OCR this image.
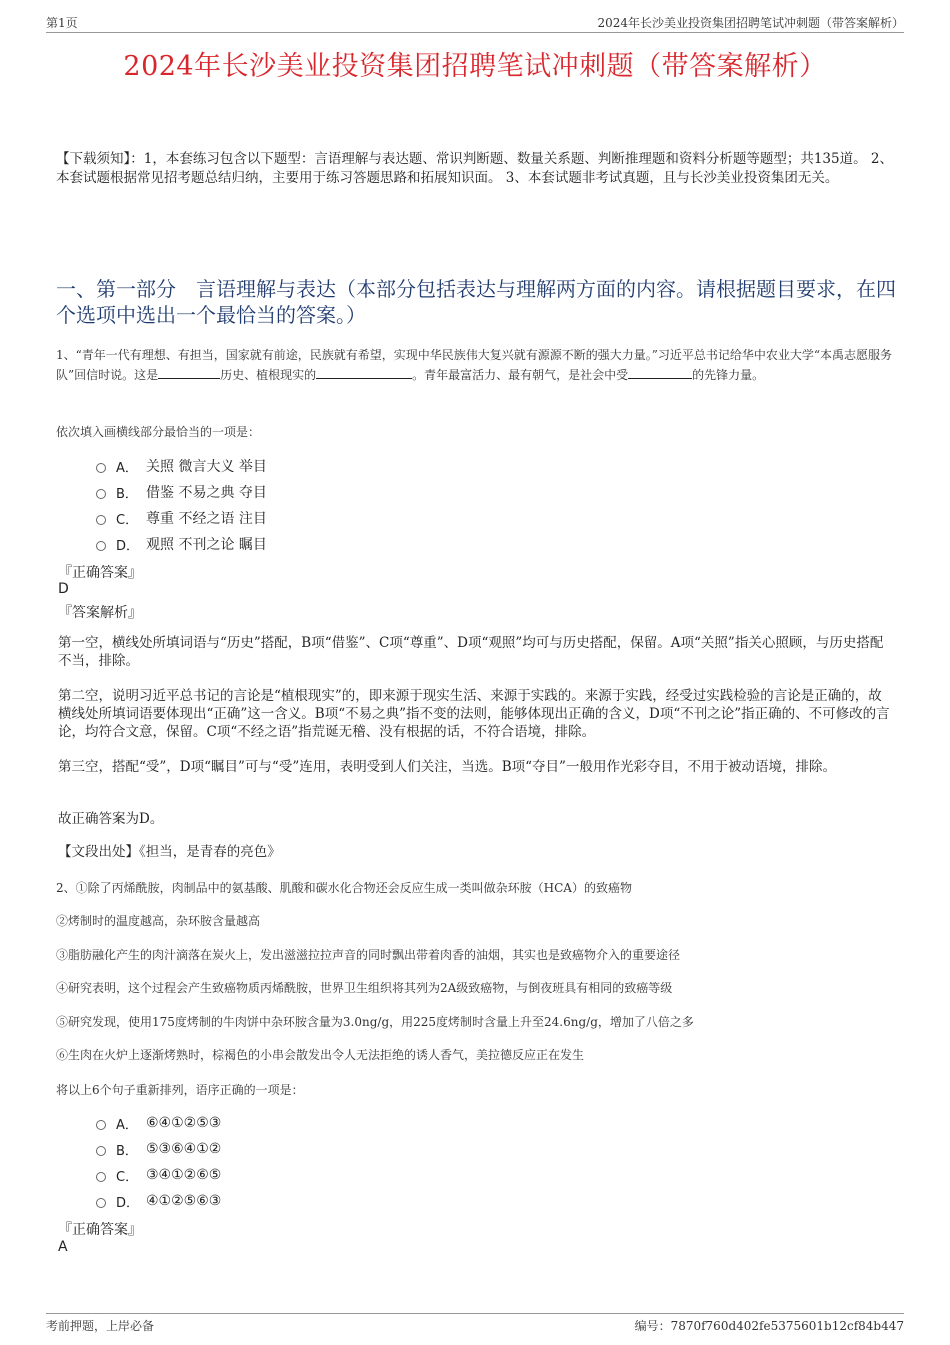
第1页	2024年长沙美业投资集团招聘笔试冲刺题（带答案解析）
2024年长沙美业投资集团招聘笔试冲刺题（带答案解析）
【下载须知】：1，本套练习包含以下题型：言语理解与表达题、常识判断题、数量关系题、判断推理题和资料分析题等题型；共135道。 2、本套试题根据常见招考题总结归纳，主要用于练习答题思路和拓展知识面。 3、本套试题非考试真题，且与长沙美业投资集团无关。
一、第一部分　言语理解与表达（本部分包括表达与理解两方面的内容。请根据题目要求，在四个选项中选出一个最恰当的答案。）
1、“青年一代有理想、有担当，国家就有前途，民族就有希望，实现中华民族伟大复兴就有源源不断的强大力量。”习近平总书记给华中农业大学“本禹志愿服务队”回信时说。这是	历史、植根现实的	。青年最富活力、最有朝气，是社会中受	的先锋力量。
依次填入画横线部分最恰当的一项是：
A． 关照 微言大义 举目
B． 借鉴 不易之典 夺目
C． 尊重 不经之语 注目
D． 观照 不刊之论 瞩目
『正确答案』
D
『答案解析』
第一空，横线处所填词语与“历史”搭配，B项“借鉴”、C项“尊重”、D项“观照”均可与历史搭配，保留。A项“关照”指关心照顾，与历史搭配不当，排除。
第二空，说明习近平总书记的言论是“植根现实”的，即来源于现实生活、来源于实践的。来源于实践，经受过实践检验的言论是正确的，故横线处所填词语要体现出“正确”这一含义。B项“不易之典”指不变的法则，能够体现出正确的含义，D项“不刊之论”指正确的、不可修改的言论，均符合文意，保留。C项“不经之语”指荒诞无稽、没有根据的话，不符合语境，排除。
第三空，搭配“受”，D项“瞩目”可与“受”连用，表明受到人们关注，当选。B项“夺目”一般用作光彩夺目，不用于被动语境，排除。
故正确答案为D。
【文段出处】《担当，是青春的亮色》
2、①除了丙烯酰胺，肉制品中的氨基酸、肌酸和碳水化合物还会反应生成一类叫做杂环胺（HCA）的致癌物
②烤制时的温度越高，杂环胺含量越高
③脂肪融化产生的肉汁滴落在炭火上，发出滋滋拉拉声音的同时飘出带着肉香的油烟，其实也是致癌物介入的重要途径
④研究表明，这个过程会产生致癌物质丙烯酰胺，世界卫生组织将其列为2A级致癌物，与倒夜班具有相同的致癌等级
⑤研究发现，使用175度烤制的牛肉饼中杂环胺含量为3.0ng/g，用225度烤制时含量上升至24.6ng/g，增加了八倍之多
⑥生肉在火炉上逐渐烤熟时，棕褐色的小串会散发出令人无法拒绝的诱人香气，美拉德反应正在发生
将以上6个句子重新排列，语序正确的一项是：
A． ⑥④①②⑤③
B． ⑤③⑥④①②
C． ③④①②⑥⑤
D． ④①②⑤⑥③
『正确答案』
A
考前押题，上岸必备	编号：7870f760d402fe5375601b12cf84b447
